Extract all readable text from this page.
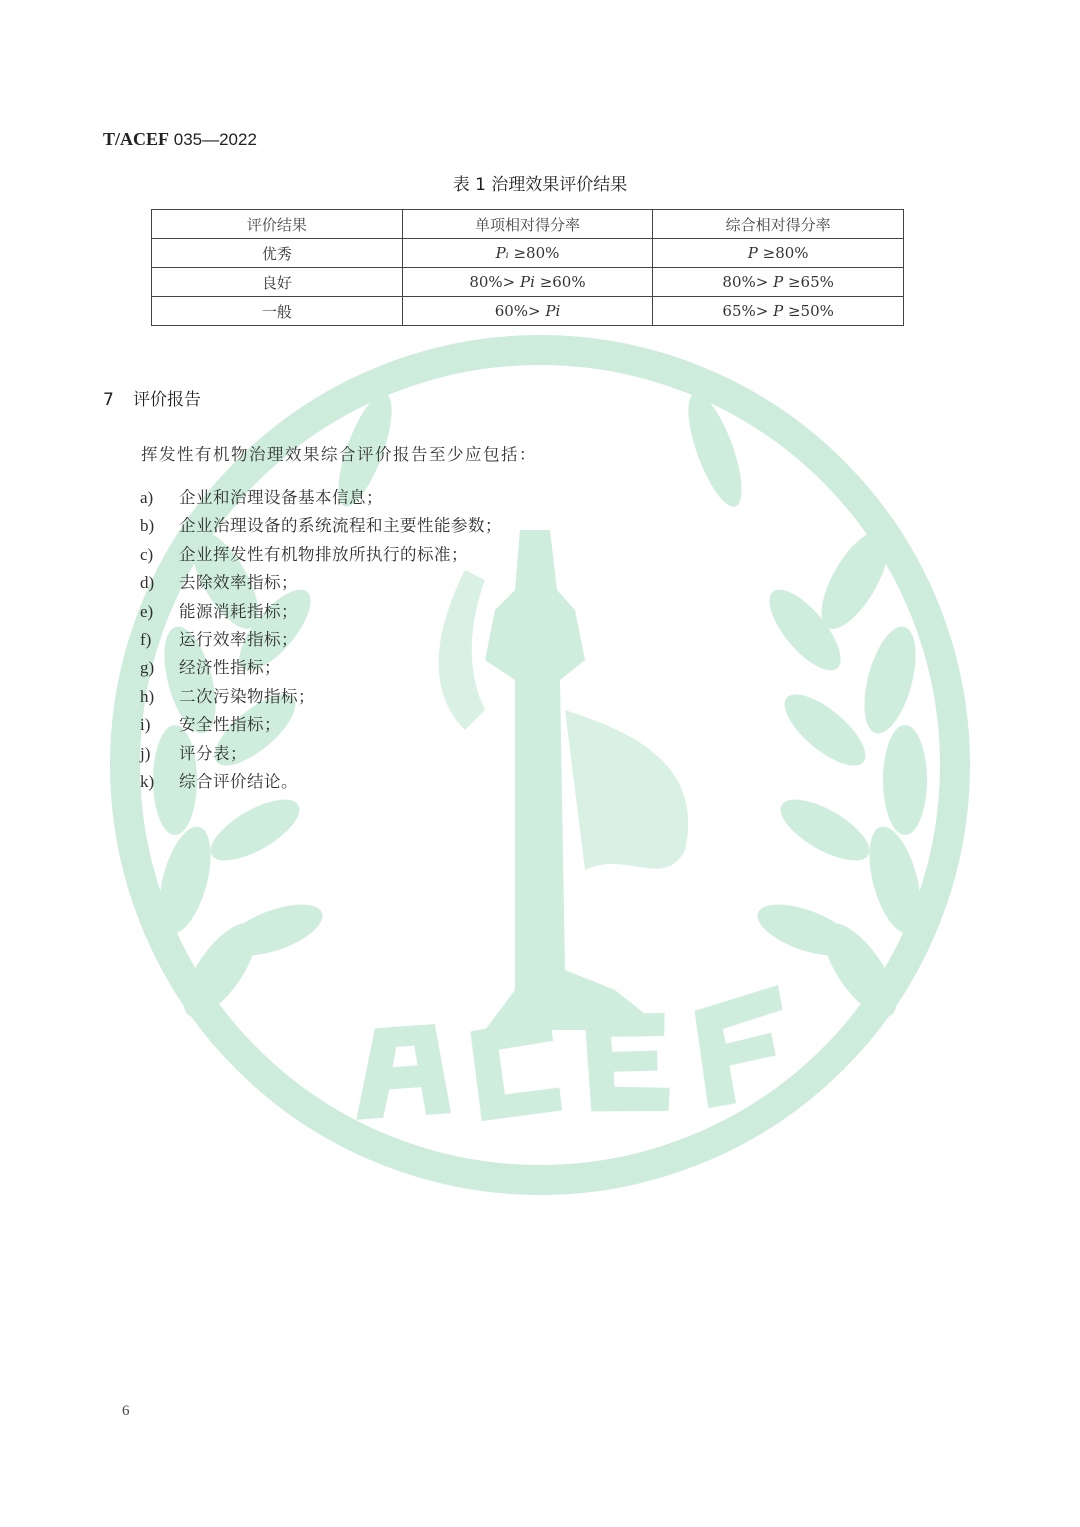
T/ACEF 035—2022
表 1 治理效果评价结果
评价结果	单项相对得分率	综合相对得分率
优秀	Pᵢ ≥80%	P ≥80%
良好	80%> Pi ≥60%	80%> P ≥65%
一般	60%> Pi	65%> P ≥50%
7 评价报告
挥发性有机物治理效果综合评价报告至少应包括：
a)	企业和治理设备基本信息；
b)	企业治理设备的系统流程和主要性能参数；
c)	企业挥发性有机物排放所执行的标准；
d)	去除效率指标；
e)	能源消耗指标；
f)	运行效率指标；
g)	经济性指标；
h)	二次污染物指标；
i)	安全性指标；
j)	评分表；
k)	综合评价结论。
6
